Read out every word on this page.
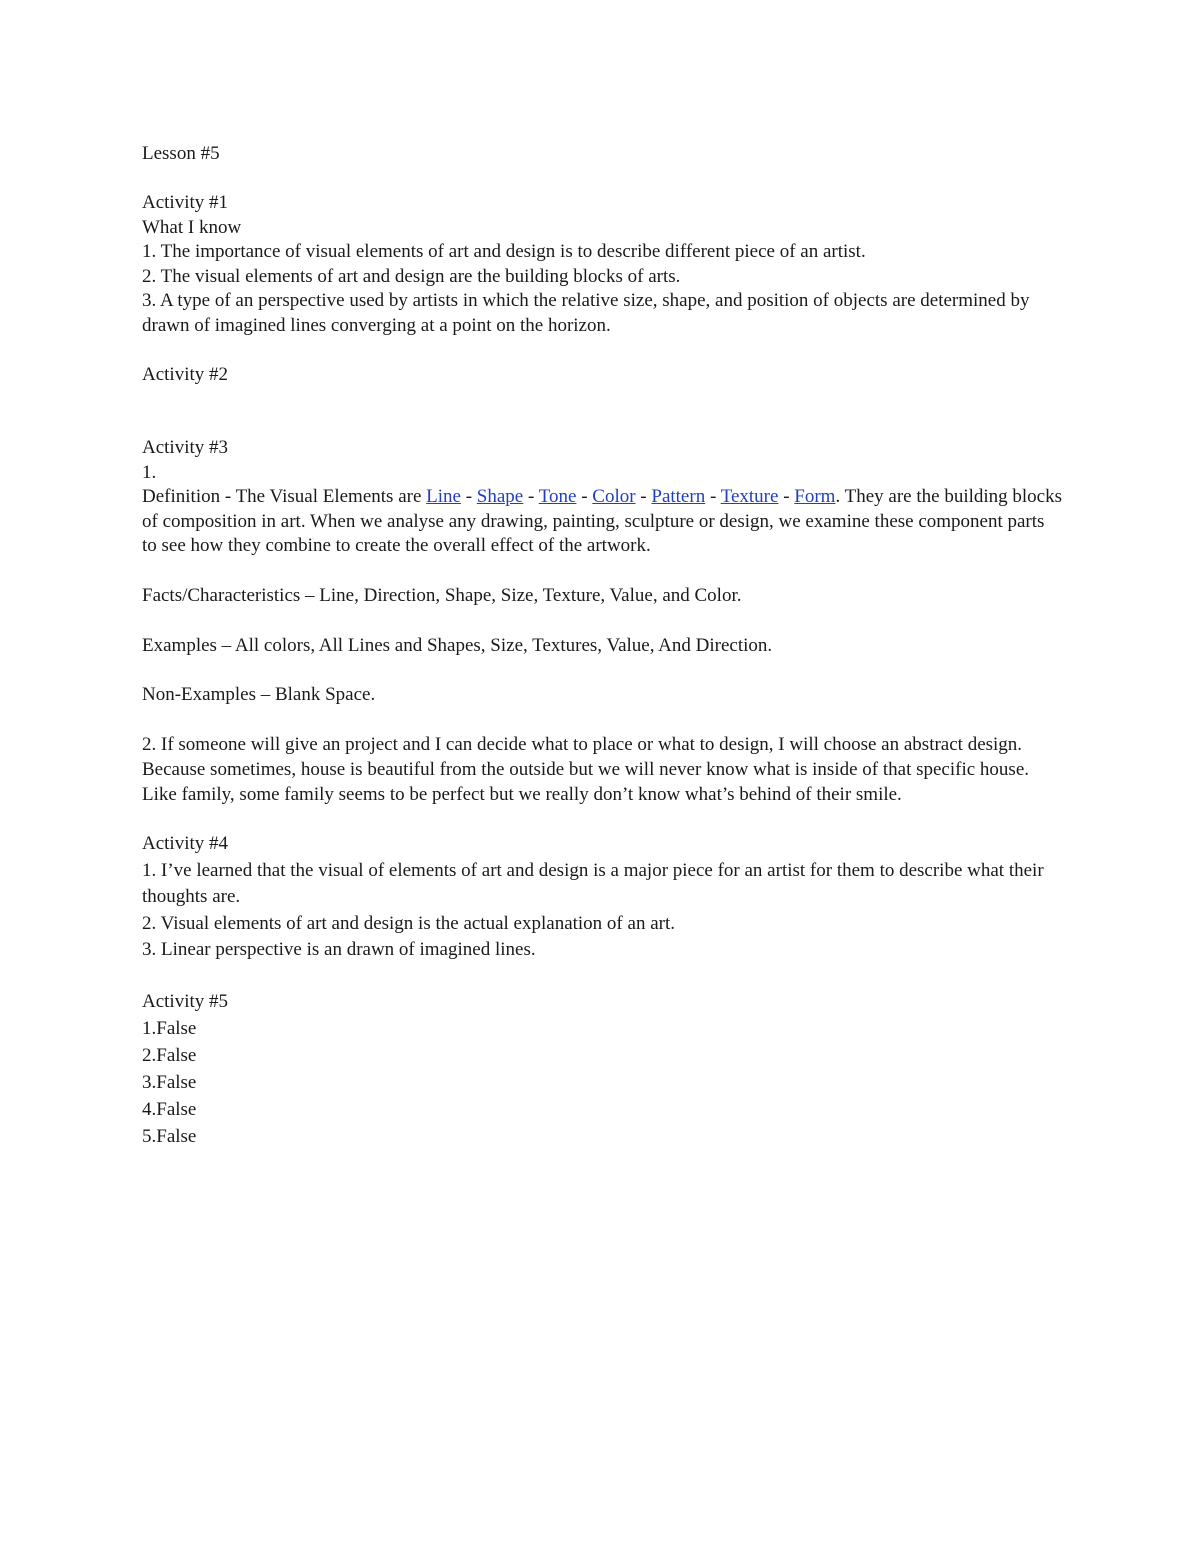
Lesson #5
Activity #1
What I know
1. The importance of visual elements of art and design is to describe different piece of an artist.
2. The visual elements of art and design are the building blocks of arts.
3. A type of an perspective used by artists in which the relative size, shape, and position of objects are determined by drawn of imagined lines converging at a point on the horizon.
Activity #2
Activity #3
1.
Definition - The Visual Elements are Line - Shape - Tone - Color - Pattern - Texture - Form. They are the building blocks of composition in art. When we analyse any drawing, painting, sculpture or design, we examine these component parts to see how they combine to create the overall effect of the artwork.
Facts/Characteristics – Line, Direction, Shape, Size, Texture, Value, and Color.
Examples – All colors, All Lines and Shapes, Size, Textures, Value, And Direction.
Non-Examples – Blank Space.
2. If someone will give an project and I can decide what to place or what to design, I will choose an abstract design. Because sometimes, house is beautiful from the outside but we will never know what is inside of that specific house. Like family, some family seems to be perfect but we really don’t know what’s behind of their smile.
Activity #4
1. I’ve learned that the visual of elements of art and design is a major piece for an artist for them to describe what their thoughts are.
2. Visual elements of art and design is the actual explanation of an art.
3. Linear perspective is an drawn of imagined lines.
Activity #5
1.False
2.False
3.False
4.False
5.False
